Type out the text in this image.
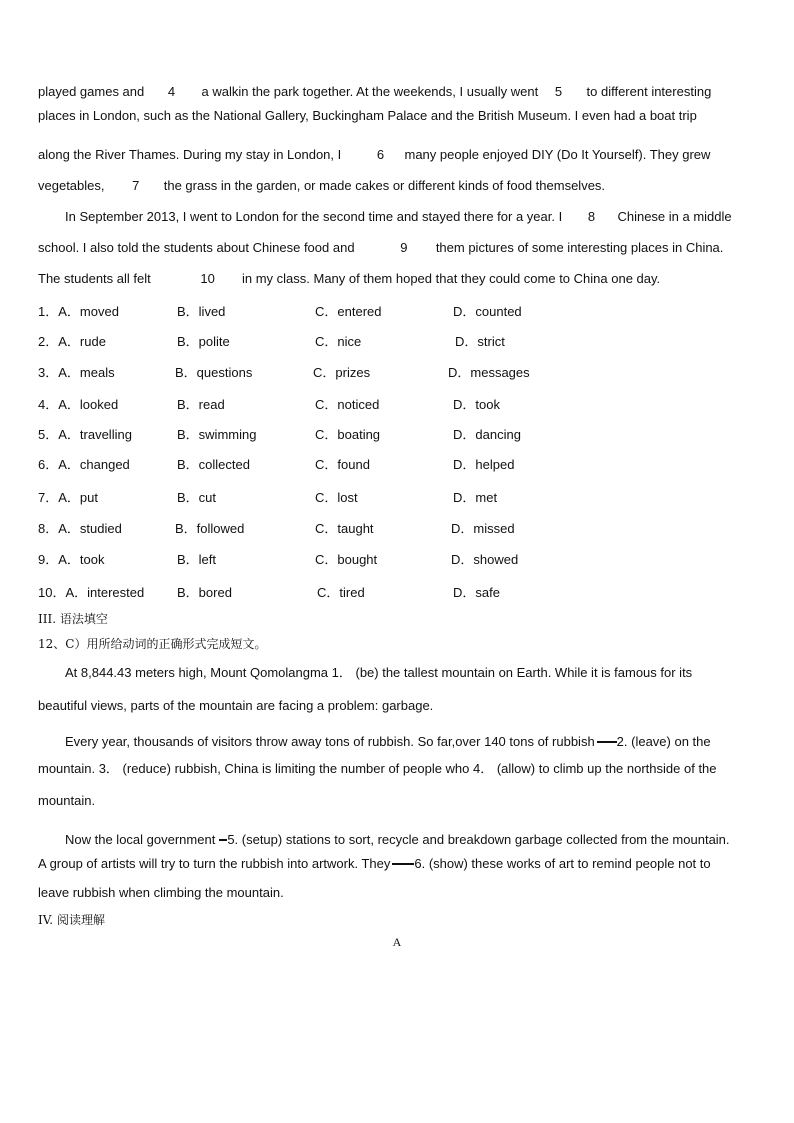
played games and 4 a walkin the park together. At the weekends, I usually went 5 to different interesting
places in London, such as the National Gallery, Buckingham Palace and the British Museum. I even had a boat trip
along the River Thames. During my stay in London, I	6 many people enjoyed DIY (Do It Yourself). They grew
vegetables, 7 the grass in the garden, or made cakes or different kinds of food themselves.
In September 2013, I went to London for the second time and stayed there for a year. I 8 Chinese in a middle
school. I also told the students about Chinese food and	9 them pictures of some interesting places in China.
The students all felt	10 in my class. Many of them hoped that they could come to China one day.
1．A．moved	B．lived	C．entered	D．counted
2．A．rude	B．polite	C．nice	D．strict
3．A．meals	B．questions	C．prizes	D．messages
4．A．looked	B．read	C．noticed	D．took
5．A．travelling	B．swimming	C．boating	D．dancing
6．A．changed	B．collected	C．found	D．helped
7．A．put	B．cut	C．lost	D．met
8．A．studied	B．followed	C．taught	D．missed
9．A．took	B．left	C．bought	D．showed
10．A．interested	B．bored	C．tired	D．safe
III. 语法填空
12、C）用所给动词的正确形式完成短文。
At 8,844.43 meters high, Mount Qomolangma 1． (be) the tallest mountain on Earth. While it is famous for its
beautiful views, parts of the mountain are facing a problem: garbage.
Every year, thousands of visitors throw away tons of rubbish. So far,over 140 tons of rubbish 2. (leave) on the
mountain. 3． (reduce) rubbish, China is limiting the number of people who 4． (allow) to climb up the northside of the
mountain.
Now the local government 5. (setup) stations to sort, recycle and breakdown garbage collected from the mountain.
A group of artists will try to turn the rubbish into artwork. They 6. (show) these works of art to remind people not to
leave rubbish when climbing the mountain.
IV. 阅读理解
A
